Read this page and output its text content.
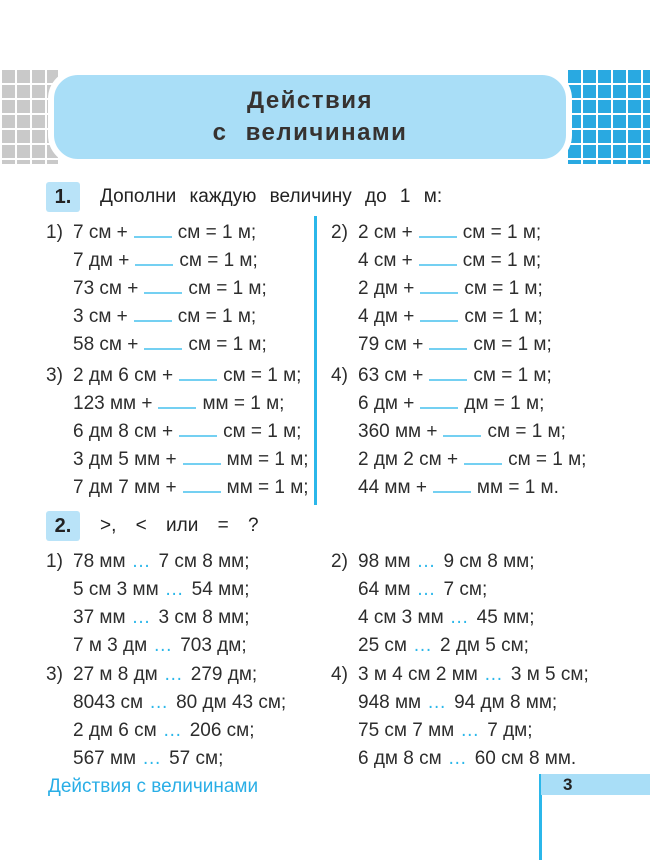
Действия
с величинами
1.	Дополни каждую величину до 1 м:
1) 7 см +	см = 1 м;
7 дм +	см = 1 м;
73 см +	см = 1 м;
3 см +	см = 1 м;
58 см +	см = 1 м;
2) 2 см +	см = 1 м;
4 см +	см = 1 м;
2 дм +	см = 1 м;
4 дм +	см = 1 м;
79 см +	см = 1 м;
3) 2 дм 6 см +	см = 1 м;
123 мм +	мм = 1 м;
6 дм 8 см +	см = 1 м;
3 дм 5 мм +	мм = 1 м;
7 дм 7 мм +	мм = 1 м;
4) 63 см +	см = 1 м;
6 дм +	дм = 1 м;
360 мм +	см = 1 м;
2 дм 2 см +	см = 1 м;
44 мм +	мм = 1 м.
2.	>, < или = ?
1) 78 мм … 7 см 8 мм;
5 см 3 мм … 54 мм;
37 мм … 3 см 8 мм;
7 м 3 дм … 703 дм;
2) 98 мм … 9 см 8 мм;
64 мм … 7 см;
4 см 3 мм … 45 мм;
25 см … 2 дм 5 см;
3) 27 м 8 дм … 279 дм;
8043 см … 80 дм 43 см;
2 дм 6 см … 206 см;
567 мм … 57 см;
4) 3 м 4 см 2 мм … 3 м 5 см;
948 мм … 94 дм 8 мм;
75 см 7 мм … 7 дм;
6 дм 8 см … 60 см 8 мм.
Действия с величинами	3
